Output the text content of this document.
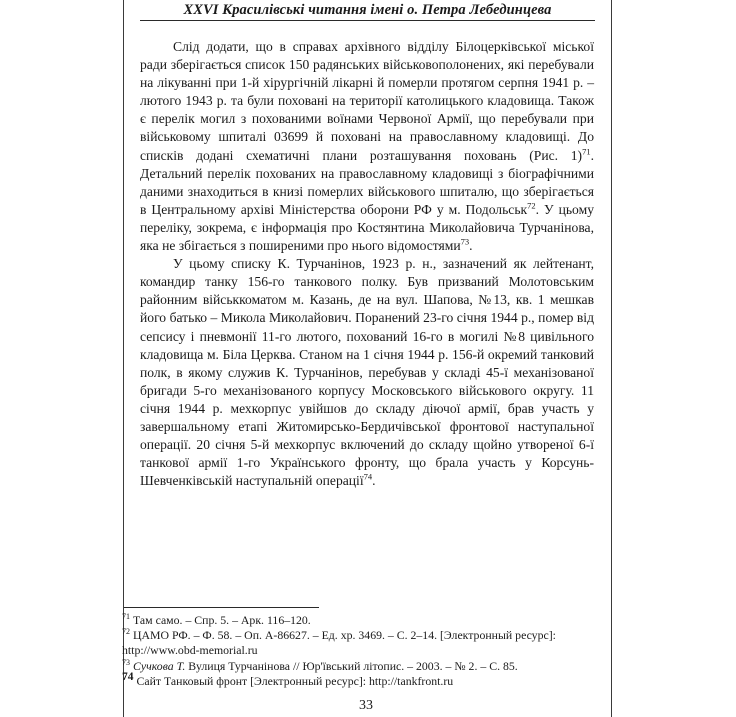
XXVI Красилівські читання імені о. Петра Лебединцева

Слід додати, що в справах архівного відділу Білоцерківської міської ради зберігається список 150 радянських військовополонених, які перебували на лікуванні при 1-й хірургічній лікарні й померли протягом серпня 1941 р. – лютого 1943 р. та були поховані на території католицького кладовища. Також є перелік могил з похованими воїнами Червоної Армії, що перебували при військовому шпиталі 03699 й поховані на православному кладовищі. До списків додані схематичні плани розташування поховань (Рис. 1)$^{71}$. Детальний перелік похованих на православному кладовищі з біографічними даними знаходиться в книзі померлих військового шпиталю, що зберігається в Центральному архіві Міністерства оборони РФ у м. Подольськ$^{72}$. У цьому переліку, зокрема, є інформація про Костянтина Миколайовича Турчанінова, яка не збігається з поширеними про нього відомостями$^{73}$.

У цьому списку К. Турчанінов, 1923 р. н., зазначений як лейтенант, командир танку 156-го танкового полку. Був призваний Молотовським районним військкоматом м. Казань, де на вул. Шапова, №13, кв. 1 мешкав його батько – Микола Миколайович. Поранений 23-го січня 1944 р., помер від сепсису і пневмонії 11-го лютого, похований 16-го в могилі №8 цивільного кладовища м. Біла Церква. Станом на 1 січня 1944 р. 156-й окремий танковий полк, в якому служив К. Турчанінов, перебував у складі 45-ї механізованої бригади 5-го механізованого корпусу Московського військового округу. 11 січня 1944 р. мехкорпус увійшов до складу діючої армії, брав участь у завершальному етапі Житомирсько-Бердичівської фронтової наступальної операції. 20 січня 5-й мехкорпус включений до складу щойно утвореної 6-ї танкової армії 1-го Українського фронту, що брала участь у Корсунь-Шевченківській наступальній операції$^{74}$.

$^{71}$ Там само. – Спр. 5. – Арк. 116–120.

$^{72}$ ЦАМО РФ. – Ф. 58. – Оп. А-86627. – Ед. хр. 3469. – С. 2–14. [Электронный ресурс]: http://www.obd-memorial.ru

$^{73}$ Сучкова Т. Вулиця Турчанінова // Юр'ївський літопис. – 2003. – № 2. – С. 85.

74 Сайт Танковый фронт [Электронный ресурс]: http://tankfront.ru

33
